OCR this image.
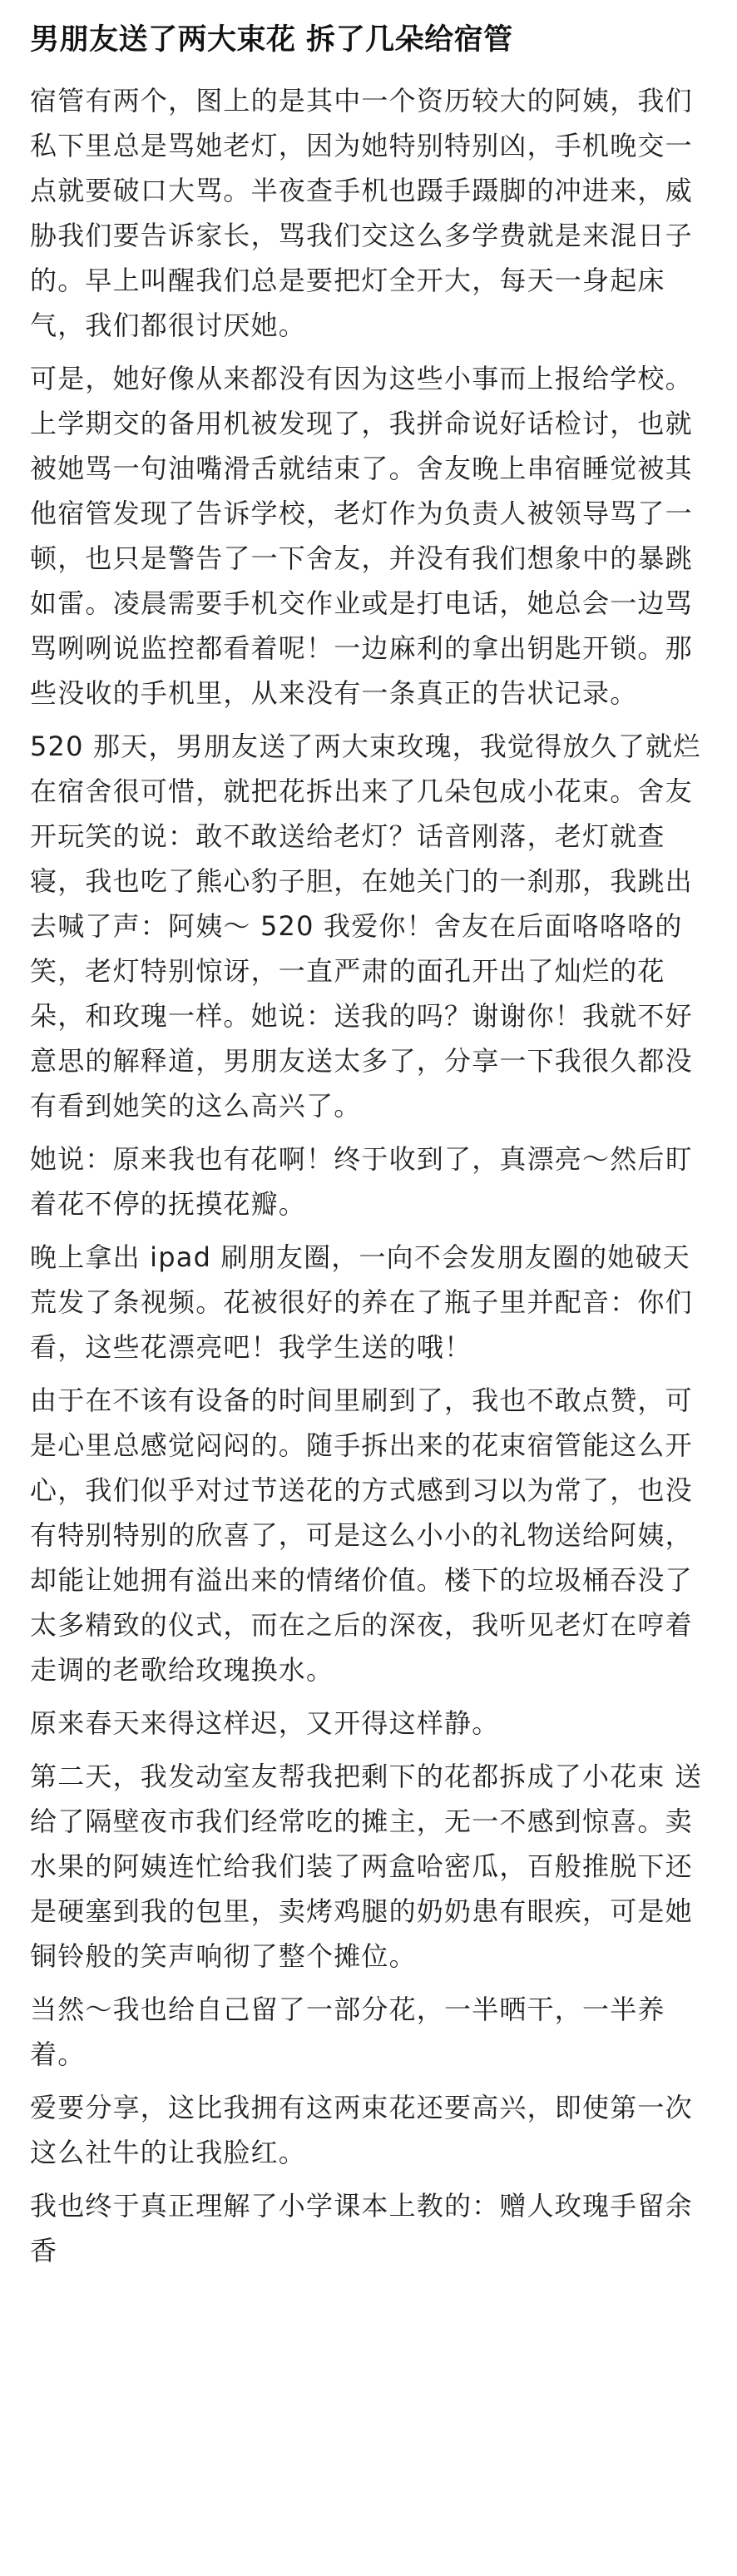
男朋友送了两大束花 拆了几朵给宿管

宿管有两个，图上的是其中一个资历较大的阿姨，我们私下里总是骂她老灯，因为她特别特别凶，手机晚交一点就要破口大骂。半夜查手机也蹑手蹑脚的冲进来，威胁我们要告诉家长，骂我们交这么多学费就是来混日子的。早上叫醒我们总是要把灯全开大，每天一身起床气，我们都很讨厌她。

可是，她好像从来都没有因为这些小事而上报给学校。上学期交的备用机被发现了，我拼命说好话检讨，也就被她骂一句油嘴滑舌就结束了。舍友晚上串宿睡觉被其他宿管发现了告诉学校，老灯作为负责人被领导骂了一顿，也只是警告了一下舍友，并没有我们想象中的暴跳如雷。凌晨需要手机交作业或是打电话，她总会一边骂骂咧咧说监控都看着呢！一边麻利的拿出钥匙开锁。那些没收的手机里，从来没有一条真正的告状记录。

520 那天，男朋友送了两大束玫瑰，我觉得放久了就烂在宿舍很可惜，就把花拆出来了几朵包成小花束。舍友开玩笑的说：敢不敢送给老灯？话音刚落，老灯就查寝，我也吃了熊心豹子胆，在她关门的一刹那，我跳出去喊了声：阿姨～ 520 我爱你！舍友在后面咯咯咯的笑，老灯特别惊讶，一直严肃的面孔开出了灿烂的花朵，和玫瑰一样。她说：送我的吗？谢谢你！我就不好意思的解释道，男朋友送太多了，分享一下我很久都没有看到她笑的这么高兴了。

她说：原来我也有花啊！终于收到了，真漂亮～然后盯着花不停的抚摸花瓣。

晚上拿出 ipad 刷朋友圈，一向不会发朋友圈的她破天荒发了条视频。花被很好的养在了瓶子里并配音：你们看，这些花漂亮吧！我学生送的哦！

由于在不该有设备的时间里刷到了，我也不敢点赞，可是心里总感觉闷闷的。随手拆出来的花束宿管能这么开心，我们似乎对过节送花的方式感到习以为常了，也没有特别特别的欣喜了，可是这么小小的礼物送给阿姨，却能让她拥有溢出来的情绪价值。楼下的垃圾桶吞没了太多精致的仪式，而在之后的深夜，我听见老灯在哼着走调的老歌给玫瑰换水。

原来春天来得这样迟，又开得这样静。

第二天，我发动室友帮我把剩下的花都拆成了小花束 送给了隔壁夜市我们经常吃的摊主，无一不感到惊喜。卖水果的阿姨连忙给我们装了两盒哈密瓜，百般推脱下还是硬塞到我的包里，卖烤鸡腿的奶奶患有眼疾，可是她铜铃般的笑声响彻了整个摊位。

当然～我也给自己留了一部分花，一半晒干，一半养着。

爱要分享，这比我拥有这两束花还要高兴，即使第一次这么社牛的让我脸红。

我也终于真正理解了小学课本上教的：赠人玫瑰手留余香
